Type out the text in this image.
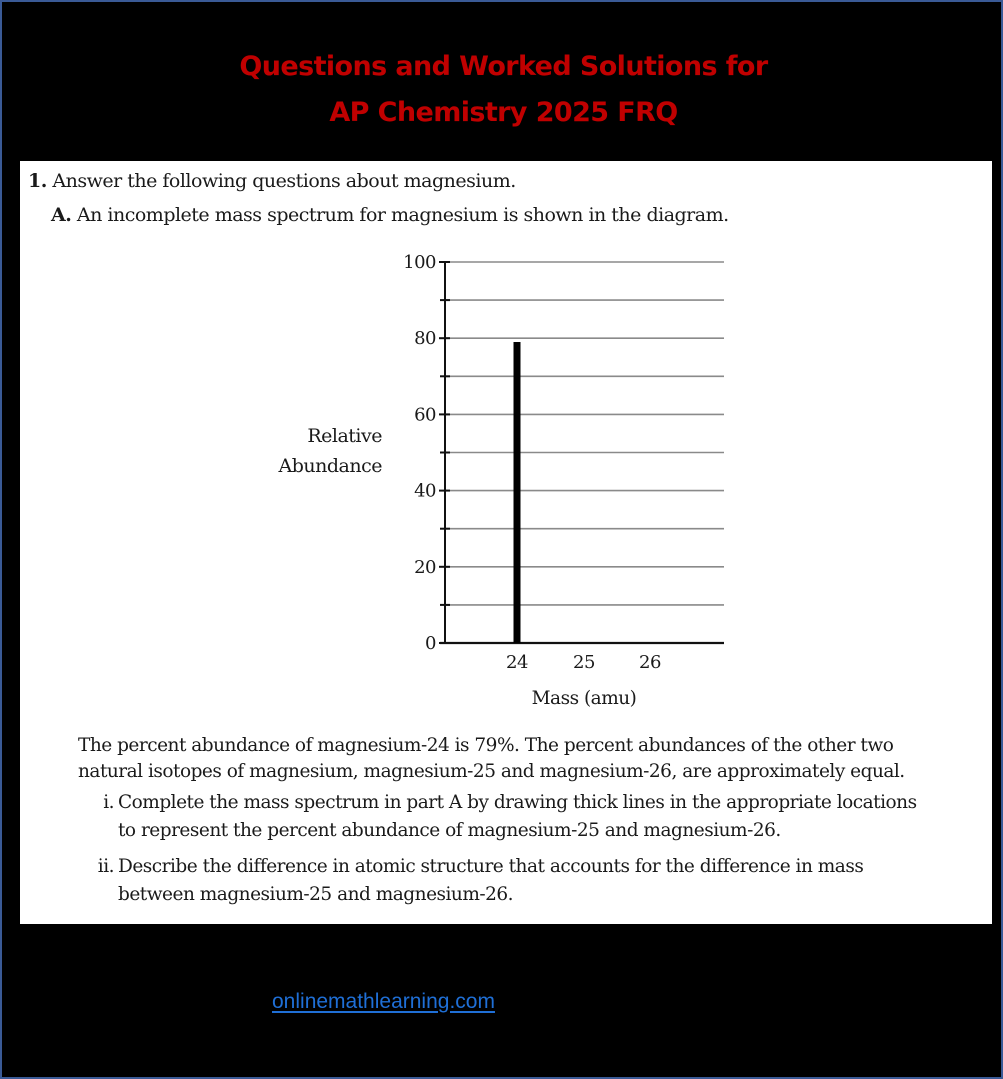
Questions and Worked Solutions for
AP Chemistry 2025 FRQ
1. Answer the following questions about magnesium.
A. An incomplete mass spectrum for magnesium is shown in the diagram.
Relative
Abundance
0
20
40
60
80
100
24	25 26
Mass (amu)
The percent abundance of magnesium-24 is 79%. The percent abundances of the other two
natural isotopes of magnesium, magnesium-25 and magnesium-26, are approximately equal.
i. Complete the mass spectrum in part A by drawing thick lines in the appropriate locations
to represent the percent abundance of magnesium-25 and magnesium-26.
ii. Describe the difference in atomic structure that accounts for the difference in mass
between magnesium-25 and magnesium-26.
onlinemathlearning.com
